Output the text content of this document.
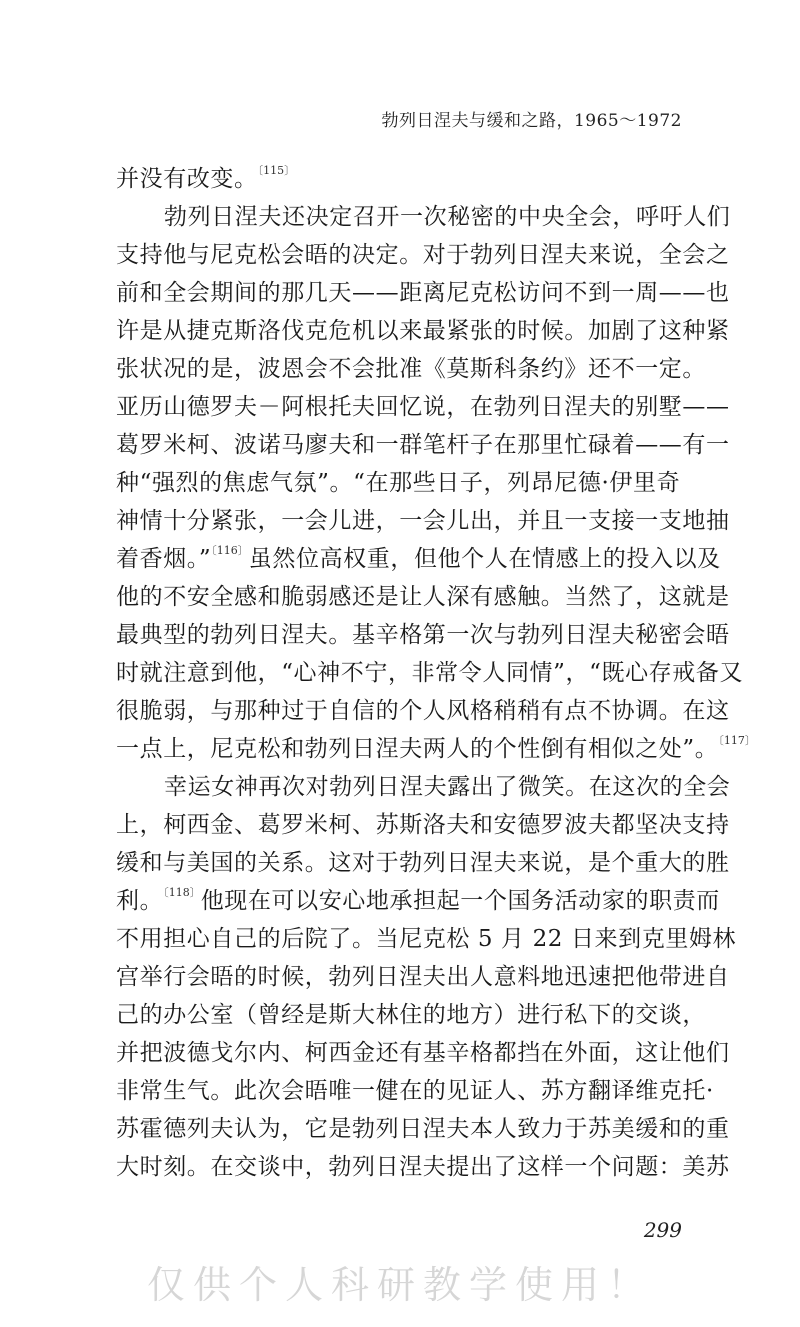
勃列日涅夫与缓和之路，1965～1972
并没有改变。$^{〔115〕}$
勃列日涅夫还决定召开一次秘密的中央全会，呼吁人们
支持他与尼克松会晤的决定。对于勃列日涅夫来说，全会之
前和全会期间的那几天——距离尼克松访问不到一周——也
许是从捷克斯洛伐克危机以来最紧张的时候。加剧了这种紧
张状况的是，波恩会不会批准《莫斯科条约》还不一定。
亚历山德罗夫－阿根托夫回忆说，在勃列日涅夫的别墅——
葛罗米柯、波诺马廖夫和一群笔杆子在那里忙碌着——有一
种“强烈的焦虑气氛”。“在那些日子，列昂尼德·伊里奇
神情十分紧张，一会儿进，一会儿出，并且一支接一支地抽
着香烟。”$^{〔116〕}$虽然位高权重，但他个人在情感上的投入以及
他的不安全感和脆弱感还是让人深有感触。当然了，这就是
最典型的勃列日涅夫。基辛格第一次与勃列日涅夫秘密会晤
时就注意到他，“心神不宁，非常令人同情”，“既心存戒备又
很脆弱，与那种过于自信的个人风格稍稍有点不协调。在这
一点上，尼克松和勃列日涅夫两人的个性倒有相似之处”。$^{〔117〕}$
幸运女神再次对勃列日涅夫露出了微笑。在这次的全会
上，柯西金、葛罗米柯、苏斯洛夫和安德罗波夫都坚决支持
缓和与美国的关系。这对于勃列日涅夫来说，是个重大的胜
利。$^{〔118〕}$他现在可以安心地承担起一个国务活动家的职责而
不用担心自己的后院了。当尼克松 5 月 22 日来到克里姆林
宫举行会晤的时候，勃列日涅夫出人意料地迅速把他带进自
己的办公室（曾经是斯大林住的地方）进行私下的交谈，
并把波德戈尔内、柯西金还有基辛格都挡在外面，这让他们
非常生气。此次会晤唯一健在的见证人、苏方翻译维克托·
苏霍德列夫认为，它是勃列日涅夫本人致力于苏美缓和的重
大时刻。在交谈中，勃列日涅夫提出了这样一个问题：美苏
299
仅供个人科研教学使用！
